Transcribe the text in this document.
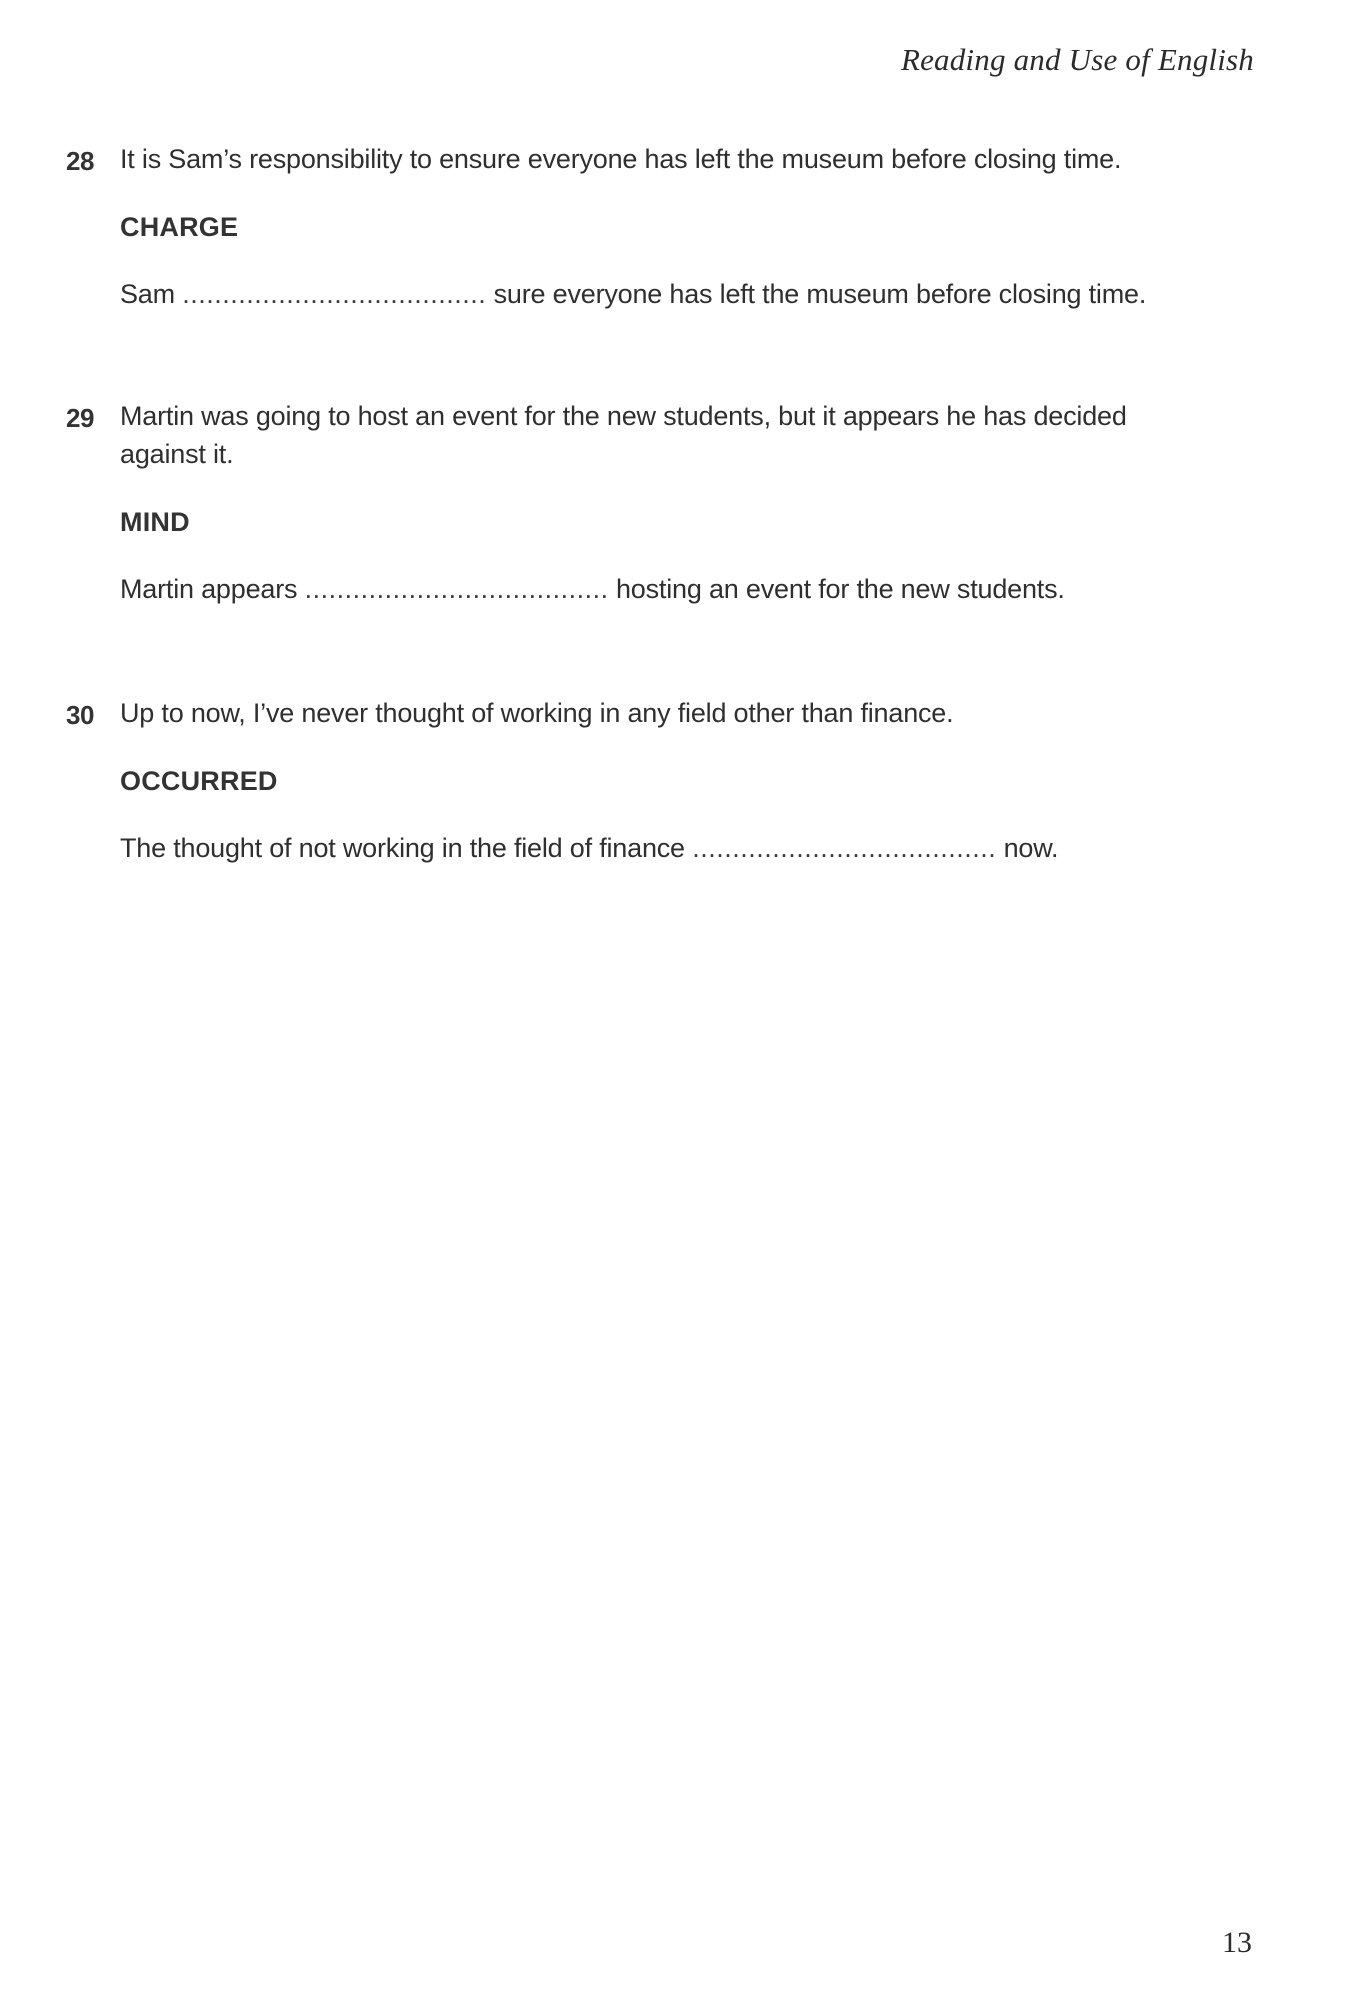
Reading and Use of English
28 It is Sam’s responsibility to ensure everyone has left the museum before closing time.
CHARGE
Sam ...................................... sure everyone has left the museum before closing time.
29 Martin was going to host an event for the new students, but it appears he has decided against it.
MIND
Martin appears ...................................... hosting an event for the new students.
30 Up to now, I’ve never thought of working in any field other than finance.
OCCURRED
The thought of not working in the field of finance ...................................... now.
13
